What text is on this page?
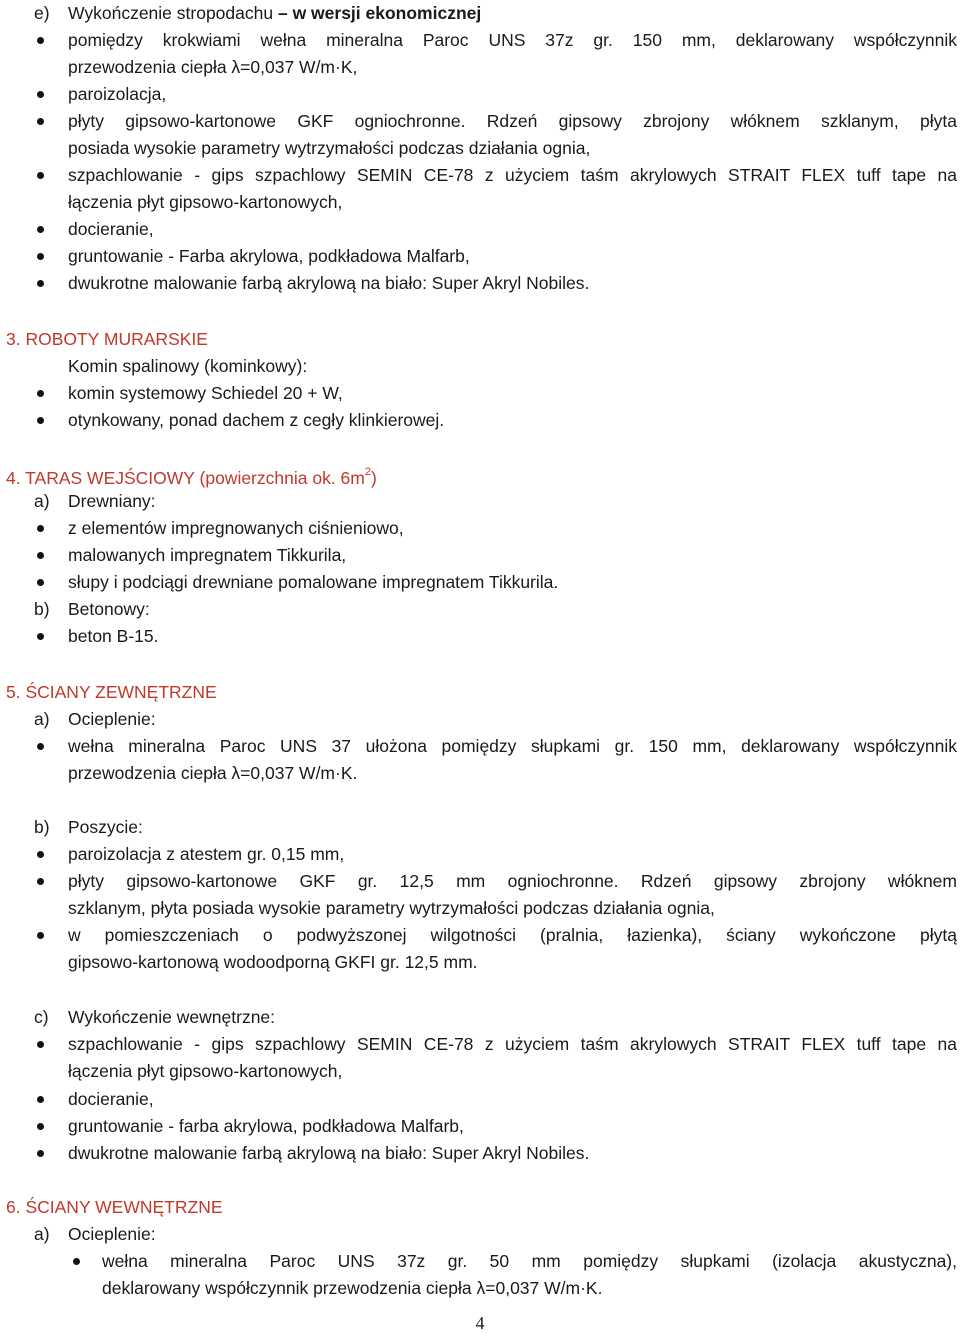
e) Wykończenie stropodachu – w wersji ekonomicznej
pomiędzy krokwiami wełna mineralna Paroc UNS 37z gr. 150 mm, deklarowany współczynnik
przewodzenia ciepła λ=0,037 W/m·K,
paroizolacja,
płyty gipsowo-kartonowe GKF ogniochronne. Rdzeń gipsowy zbrojony włóknem szklanym, płyta
posiada wysokie parametry wytrzymałości podczas działania ognia,
szpachlowanie - gips szpachlowy SEMIN CE-78 z użyciem taśm akrylowych STRAIT FLEX tuff tape na
łączenia płyt gipsowo-kartonowych,
docieranie,
gruntowanie - Farba akrylowa, podkładowa Malfarb,
dwukrotne malowanie farbą akrylową na biało: Super Akryl Nobiles.
3. ROBOTY MURARSKIE
Komin spalinowy (kominkowy):
komin systemowy Schiedel 20 + W,
otynkowany, ponad dachem z cegły klinkierowej.
4. TARAS WEJŚCIOWY (powierzchnia ok. $6m^2$)
a) Drewniany:
z elementów impregnowanych ciśnieniowo,
malowanych impregnatem Tikkurila,
słupy i podciągi drewniane pomalowane impregnatem Tikkurila.
b) Betonowy:
beton B-15.
5. ŚCIANY ZEWNĘTRZNE
a) Ocieplenie:
wełna mineralna Paroc UNS 37 ułożona pomiędzy słupkami gr. 150 mm, deklarowany współczynnik
przewodzenia ciepła λ=0,037 W/m·K.
b) Poszycie:
paroizolacja z atestem gr. 0,15 mm,
płyty gipsowo-kartonowe GKF gr. 12,5 mm ogniochronne. Rdzeń gipsowy zbrojony włóknem
szklanym, płyta posiada wysokie parametry wytrzymałości podczas działania ognia,
w pomieszczeniach o podwyższonej wilgotności (pralnia, łazienka), ściany wykończone płytą
gipsowo-kartonową wodoodporną GKFI gr. 12,5 mm.
c) Wykończenie wewnętrzne:
szpachlowanie - gips szpachlowy SEMIN CE-78 z użyciem taśm akrylowych STRAIT FLEX tuff tape na
łączenia płyt gipsowo-kartonowych,
docieranie,
gruntowanie - farba akrylowa, podkładowa Malfarb,
dwukrotne malowanie farbą akrylową na biało: Super Akryl Nobiles.
6. ŚCIANY WEWNĘTRZNE
a) Ocieplenie:
wełna mineralna Paroc UNS 37z gr. 50 mm pomiędzy słupkami (izolacja akustyczna),
deklarowany współczynnik przewodzenia ciepła λ=0,037 W/m·K.
4
